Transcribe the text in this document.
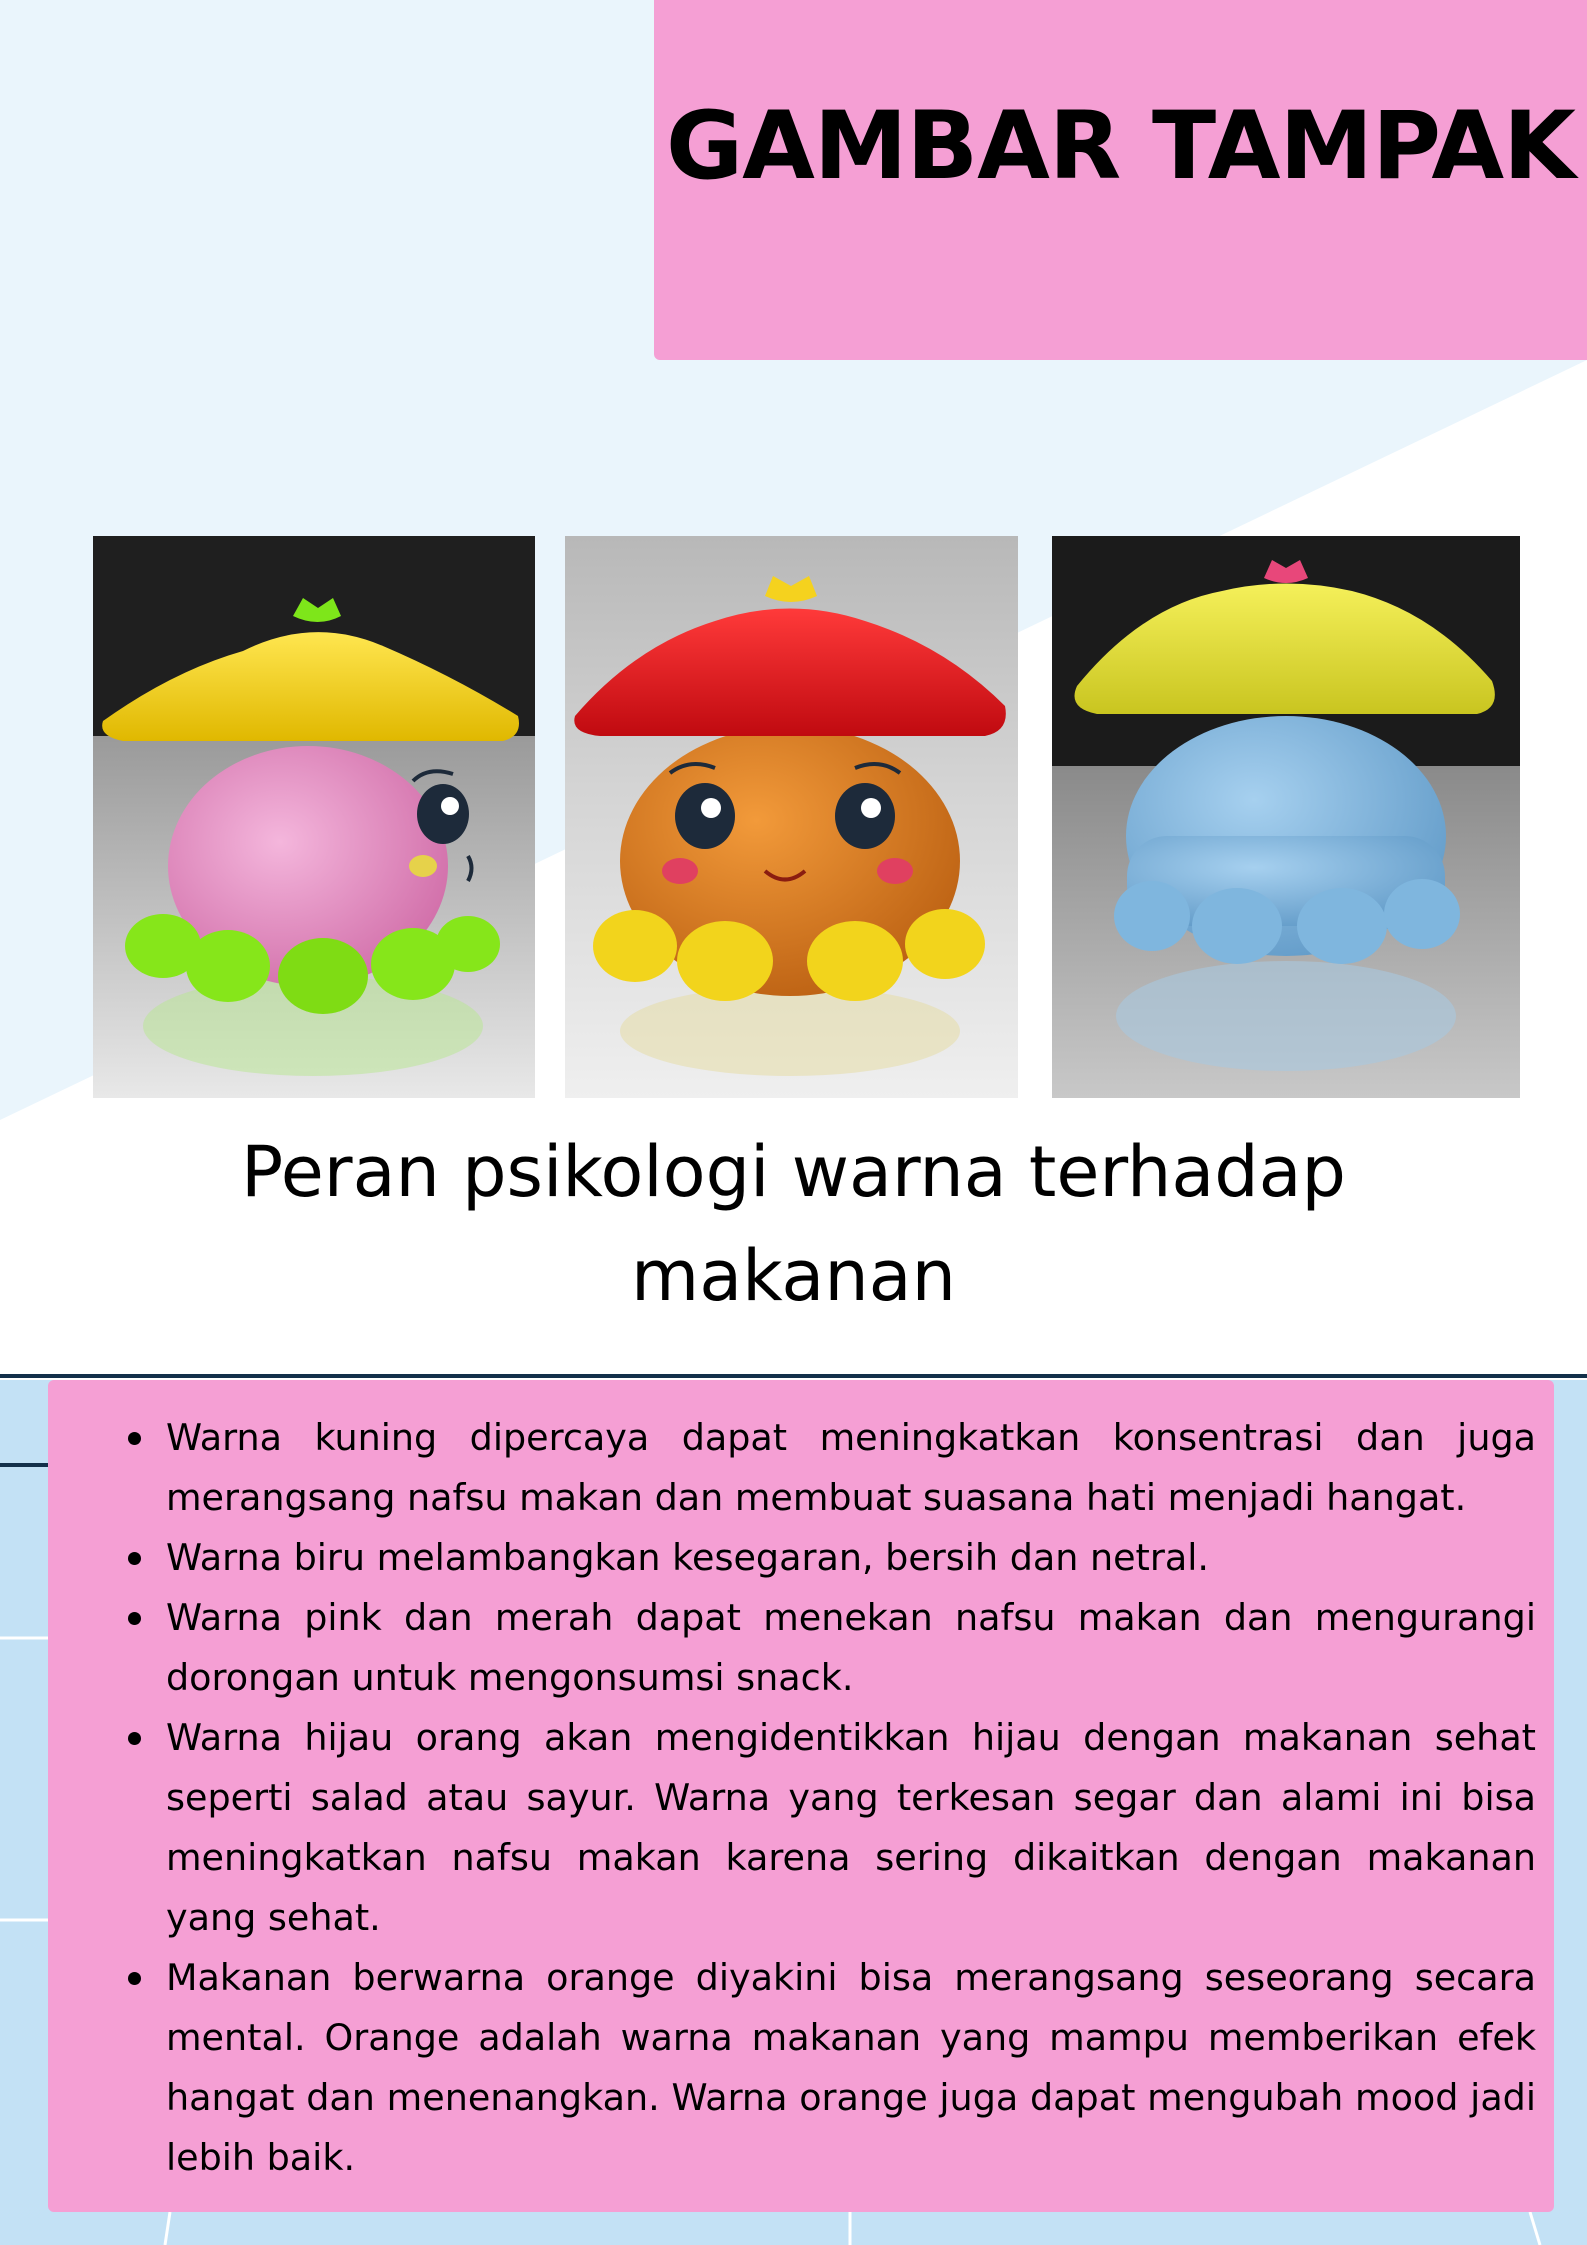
GAMBAR TAMPAK
Peran psikologi warna terhadap
makanan
Warna kuning dipercaya dapat meningkatkan konsentrasi dan juga merangsang nafsu makan dan membuat suasana hati menjadi hangat.
Warna biru melambangkan kesegaran, bersih dan netral.
Warna pink dan merah dapat menekan nafsu makan dan mengurangi dorongan untuk mengonsumsi snack.
Warna hijau orang akan mengidentikkan hijau dengan makanan sehat seperti salad atau sayur. Warna yang terkesan segar dan alami ini bisa meningkatkan nafsu makan karena sering dikaitkan dengan makanan yang sehat.
Makanan berwarna orange diyakini bisa merangsang seseorang secara mental. Orange adalah warna makanan yang mampu memberikan efek hangat dan menenangkan. Warna orange juga dapat mengubah mood jadi lebih baik.
